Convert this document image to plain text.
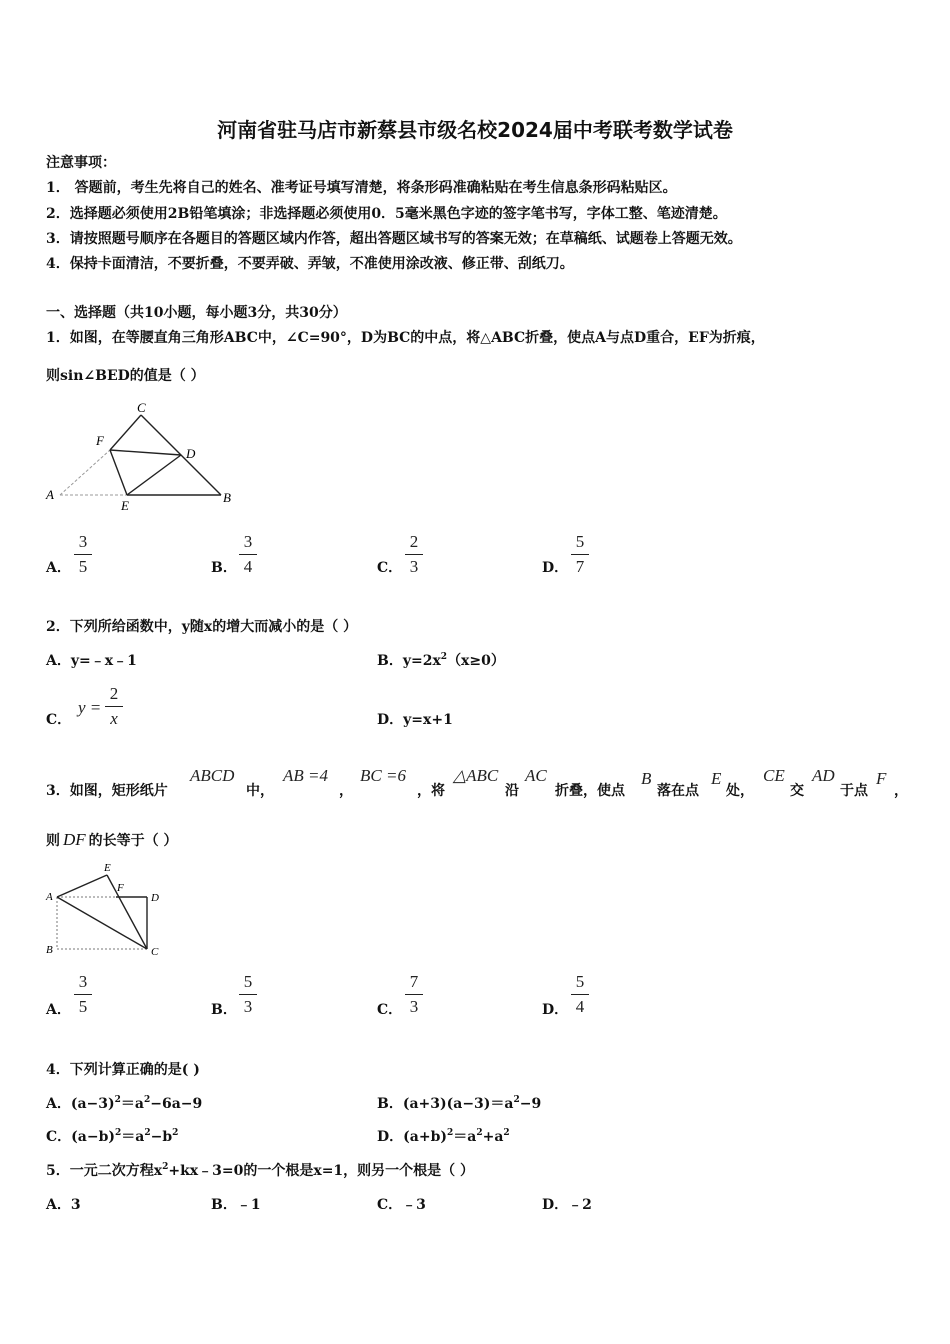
河南省驻马店市新蔡县市级名校2024届中考联考数学试卷
注意事项：
1． 答题前，考生先将自己的姓名、准考证号填写清楚，将条形码准确粘贴在考生信息条形码粘贴区。
2．选择题必须使用2B铅笔填涂；非选择题必须使用0．5毫米黑色字迹的签字笔书写，字体工整、笔迹清楚。
3．请按照题号顺序在各题目的答题区域内作答，超出答题区域书写的答案无效；在草稿纸、试题卷上答题无效。
4．保持卡面清洁，不要折叠，不要弄破、弄皱，不准使用涂改液、修正带、刮纸刀。
一、选择题（共10小题，每小题3分，共30分）
1．如图，在等腰直角三角形ABC中，∠C=90°，D为BC的中点，将△ABC折叠，使点A与点D重合，EF为折痕，
则sin∠BED的值是（ ）
C
F
D
A
E
B
A．
3
5	B．
3
4	C．
2
3	D．
5
7
2．下列所给函数中，y随x的增大而减小的是（ ）
A．y=﹣x﹣1	B．$y=2x^2(x\ge 0)$
C．
y =
2
x	D．y=x+1
3．如图，矩形纸片
ABCD
中，
AB =4
，
BC =6
，将
△ABC
沿
AC
折叠，使点
B
落在点
E
处，
CE
交
AD
于点
F
，
则 DF 的长等于（ ）
E
F
A	D
B	C
A．
3
5	B．
5
3	C．
7
3	D．
5
4
4．下列计算正确的是( )
A．$(a-3)^2=a^2-6a-9$	B．$(a+3)(a-3)=a^2-9$
C．$(a-b)^2=a^2-b^2$	D．$(a+b)^2=a^2+a^2$
5．一元二次方程$x^2+kx﹣3=0$的一个根是x=1，则另一个根是（ ）
A．3	B．﹣1	C．﹣3	D．﹣2
